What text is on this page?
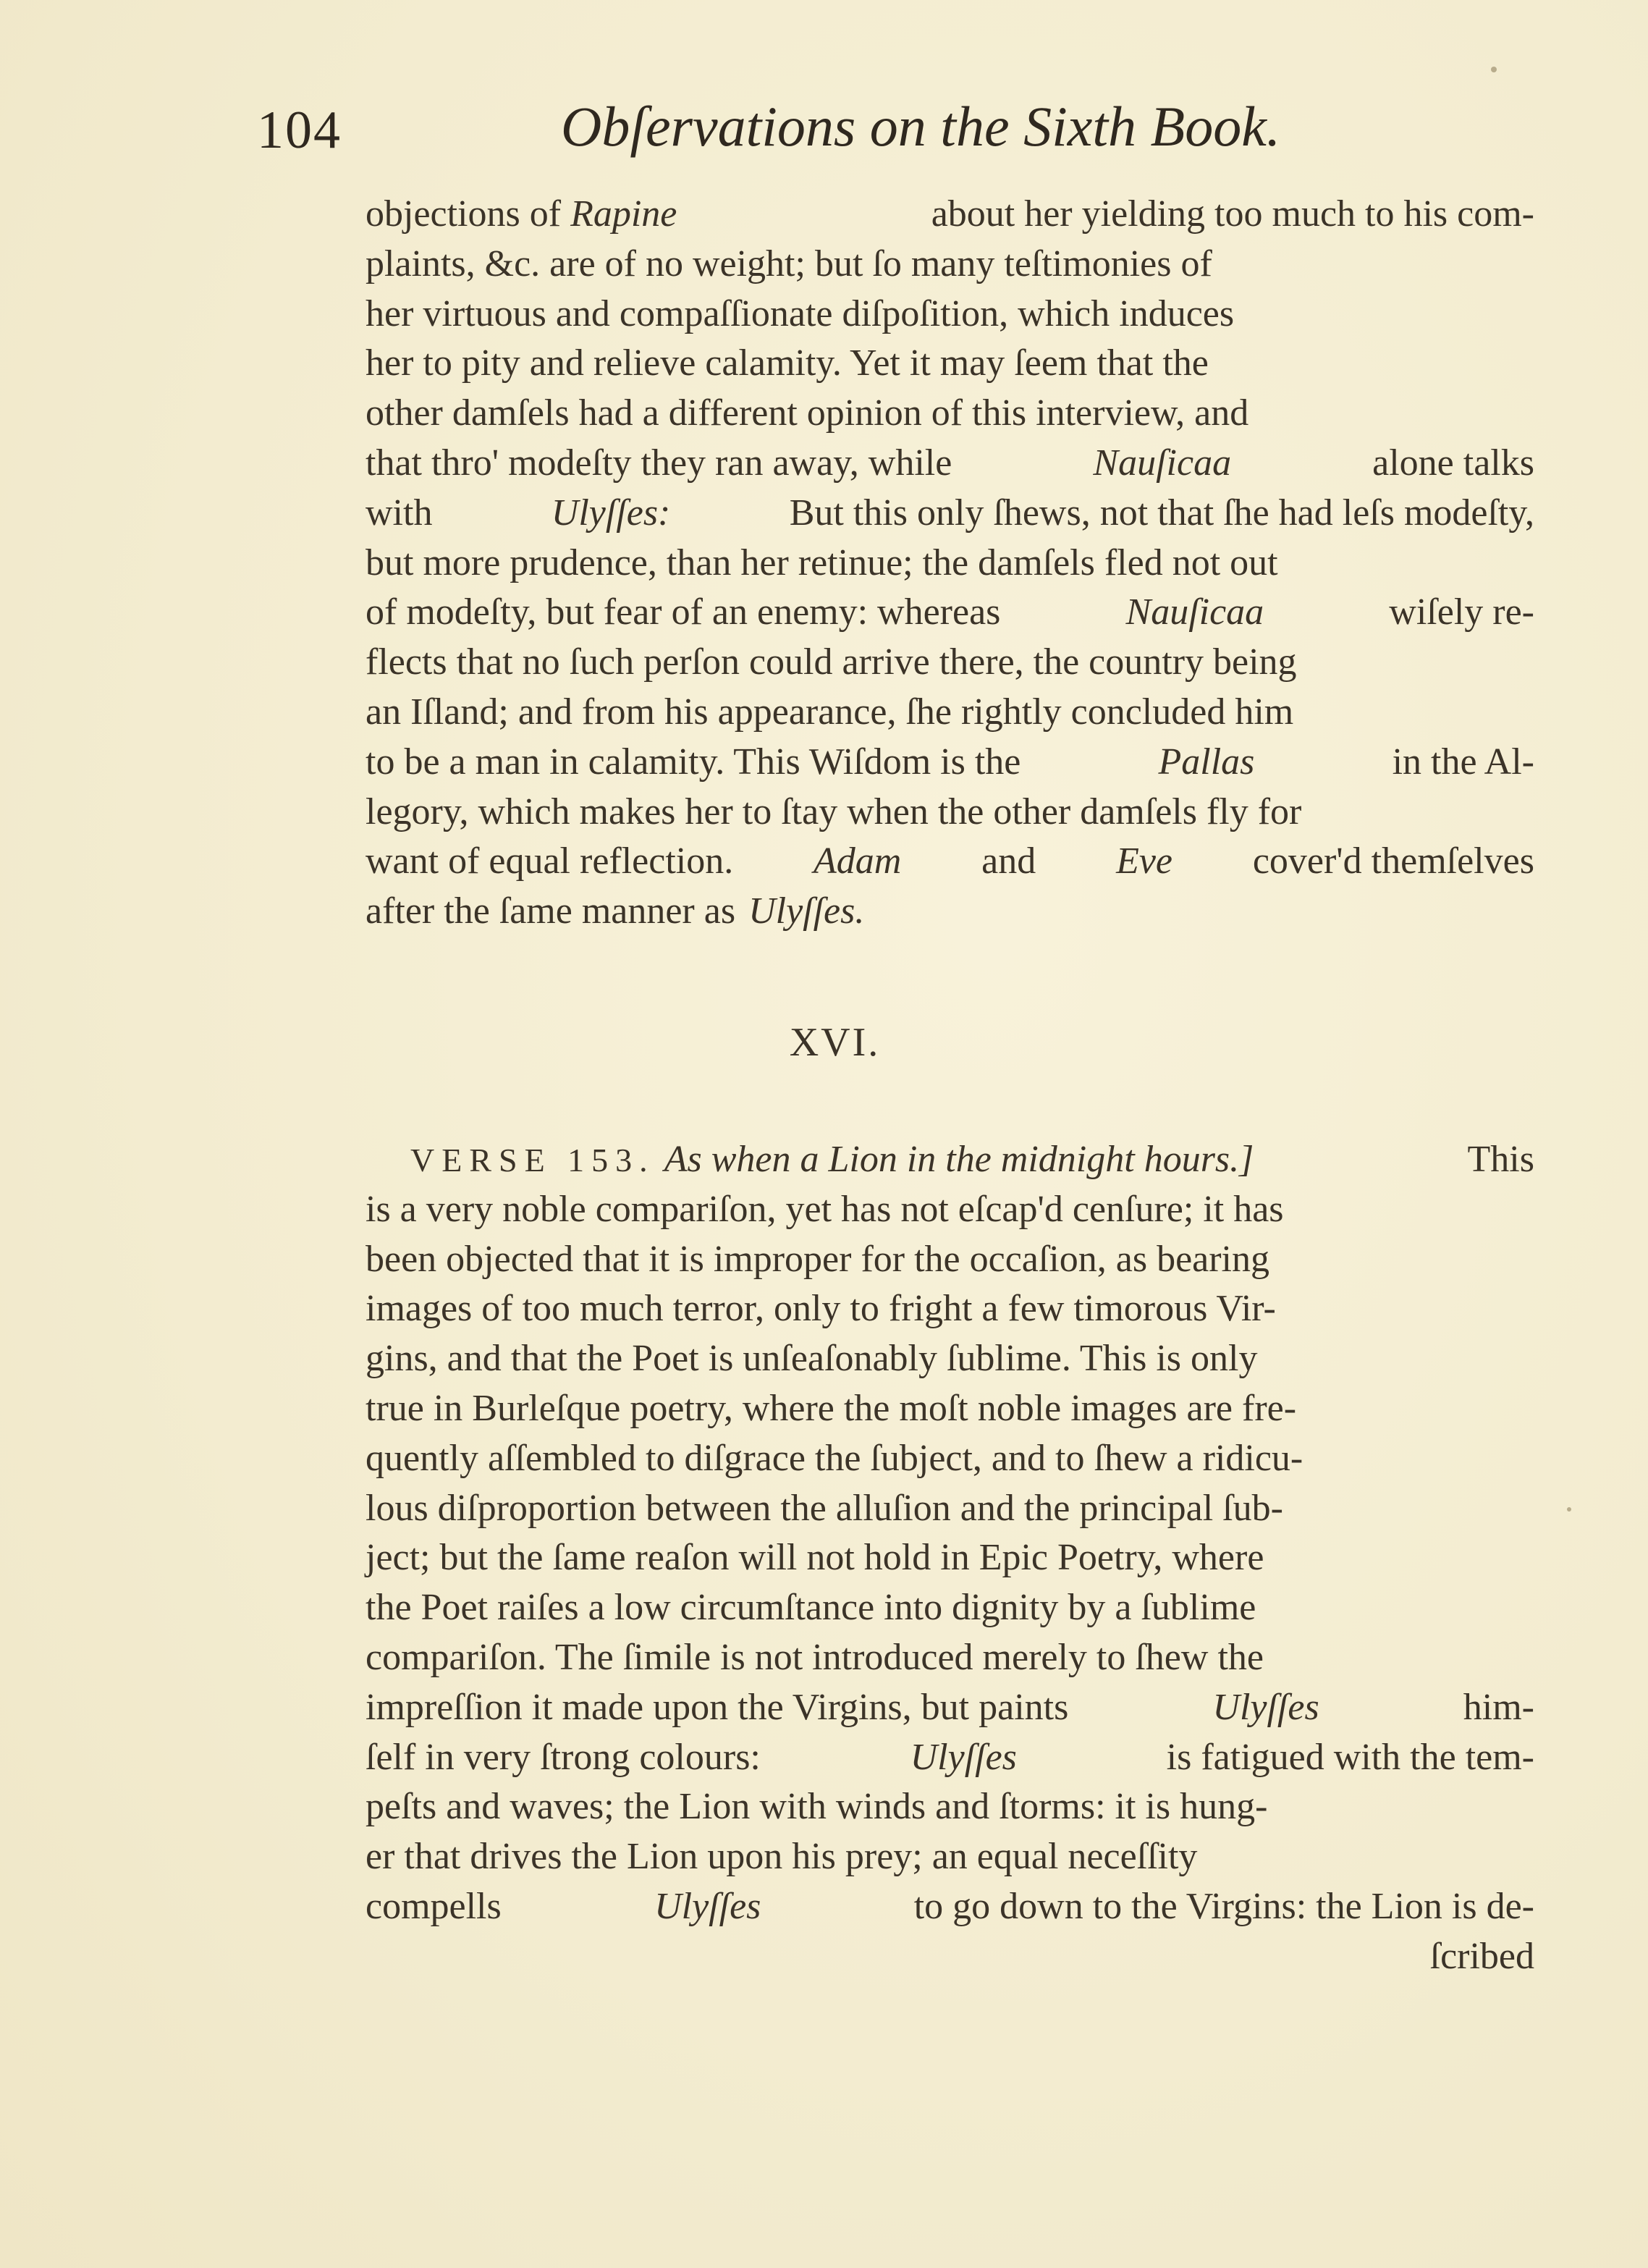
104	Obſervations on the Sixth Book.
objections of Rapine	about her yielding too much to his com-
plaints, &c. are of no weight; but ſo many teſtimonies of
her virtuous and compaſſionate diſpoſition, which induces
her to pity and relieve calamity. Yet it may ſeem that the
other damſels had a different opinion of this interview, and
that thro' modeſty they ran away, while	Nauſicaa	alone talks
with	Ulyſſes:	But this only ſhews, not that ſhe had leſs modeſty,
but more prudence, than her retinue; the damſels fled not out
of modeſty, but fear of an enemy: whereas	Nauſicaa	wiſely re-
flects that no ſuch perſon could arrive there, the country being
an Iſland; and from his appearance, ſhe rightly concluded him
to be a man in calamity. This Wiſdom is the	Pallas	in the Al-
legory, which makes her to ſtay when the other damſels fly for
want of equal reflection. Adam and Eve cover'd themſelves
after the ſame manner as Ulyſſes.
XVI.
VERSE 153. As when a Lion in the midnight hours.]	This
is a very noble compariſon, yet has not eſcap'd cenſure; it has
been objected that it is improper for the occaſion, as bearing
images of too much terror, only to fright a few timorous Vir-
gins, and that the Poet is unſeaſonably ſublime. This is only
true in Burleſque poetry, where the moſt noble images are fre-
quently aſſembled to diſgrace the ſubject, and to ſhew a ridicu-
lous diſproportion between the alluſion and the principal ſub-
ject; but the ſame reaſon will not hold in Epic Poetry, where
the Poet raiſes a low circumſtance into dignity by a ſublime
compariſon. The ſimile is not introduced merely to ſhew the
impreſſion it made upon the Virgins, but paints	Ulyſſes	him-
ſelf in very ſtrong colours:	Ulyſſes	is fatigued with the tem-
peſts and waves; the Lion with winds and ſtorms: it is hung-
er that drives the Lion upon his prey; an equal neceſſity
compells	Ulyſſes	to go down to the Virgins: the Lion is de-
ſcribed
